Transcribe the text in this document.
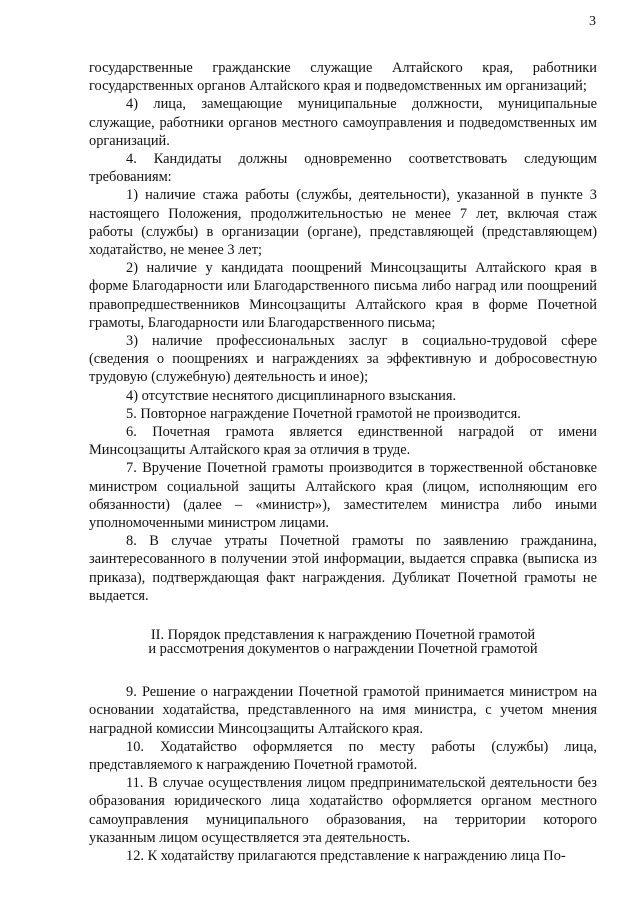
3

государственные гражданские служащие Алтайского края, работники государственных органов Алтайского края и подведомственных им организаций;

4) лица, замещающие муниципальные должности, муниципальные служащие, работники органов местного самоуправления и подведомственных им организаций.

4. Кандидаты должны одновременно соответствовать следующим требованиям:

1) наличие стажа работы (службы, деятельности), указанной в пункте 3 настоящего Положения, продолжительностью не менее 7 лет, включая стаж работы (службы) в организации (органе), представляющей (представляющем) ходатайство, не менее 3 лет;

2) наличие у кандидата поощрений Минсоцзащиты Алтайского края в форме Благодарности или Благодарственного письма либо наград или поощрений правопредшественников Минсоцзащиты Алтайского края в форме Почетной грамоты, Благодарности или Благодарственного письма;

3) наличие профессиональных заслуг в социально-трудовой сфере (сведения о поощрениях и награждениях за эффективную и добросовестную трудовую (служебную) деятельность и иное);

4) отсутствие неснятого дисциплинарного взыскания.

5. Повторное награждение Почетной грамотой не производится.

6. Почетная грамота является единственной наградой от имени Минсоцзащиты Алтайского края за отличия в труде.

7. Вручение Почетной грамоты производится в торжественной обстановке министром социальной защиты Алтайского края (лицом, исполняющим его обязанности) (далее – «министр»), заместителем министра либо иными уполномоченными министром лицами.

8. В случае утраты Почетной грамоты по заявлению гражданина, заинтересованного в получении этой информации, выдается справка (выписка из приказа), подтверждающая факт награждения. Дубликат Почетной грамоты не выдается.

II. Порядок представления к награждению Почетной грамотой
и рассмотрения документов о награждении Почетной грамотой

9. Решение о награждении Почетной грамотой принимается министром на основании ходатайства, представленного на имя министра, с учетом мнения наградной комиссии Минсоцзащиты Алтайского края.

10. Ходатайство оформляется по месту работы (службы) лица, представляемого к награждению Почетной грамотой.

11. В случае осуществления лицом предпринимательской деятельности без образования юридического лица ходатайство оформляется органом местного самоуправления муниципального образования, на территории которого указанным лицом осуществляется эта деятельность.

12. К ходатайству прилагаются представление к награждению лица По-
